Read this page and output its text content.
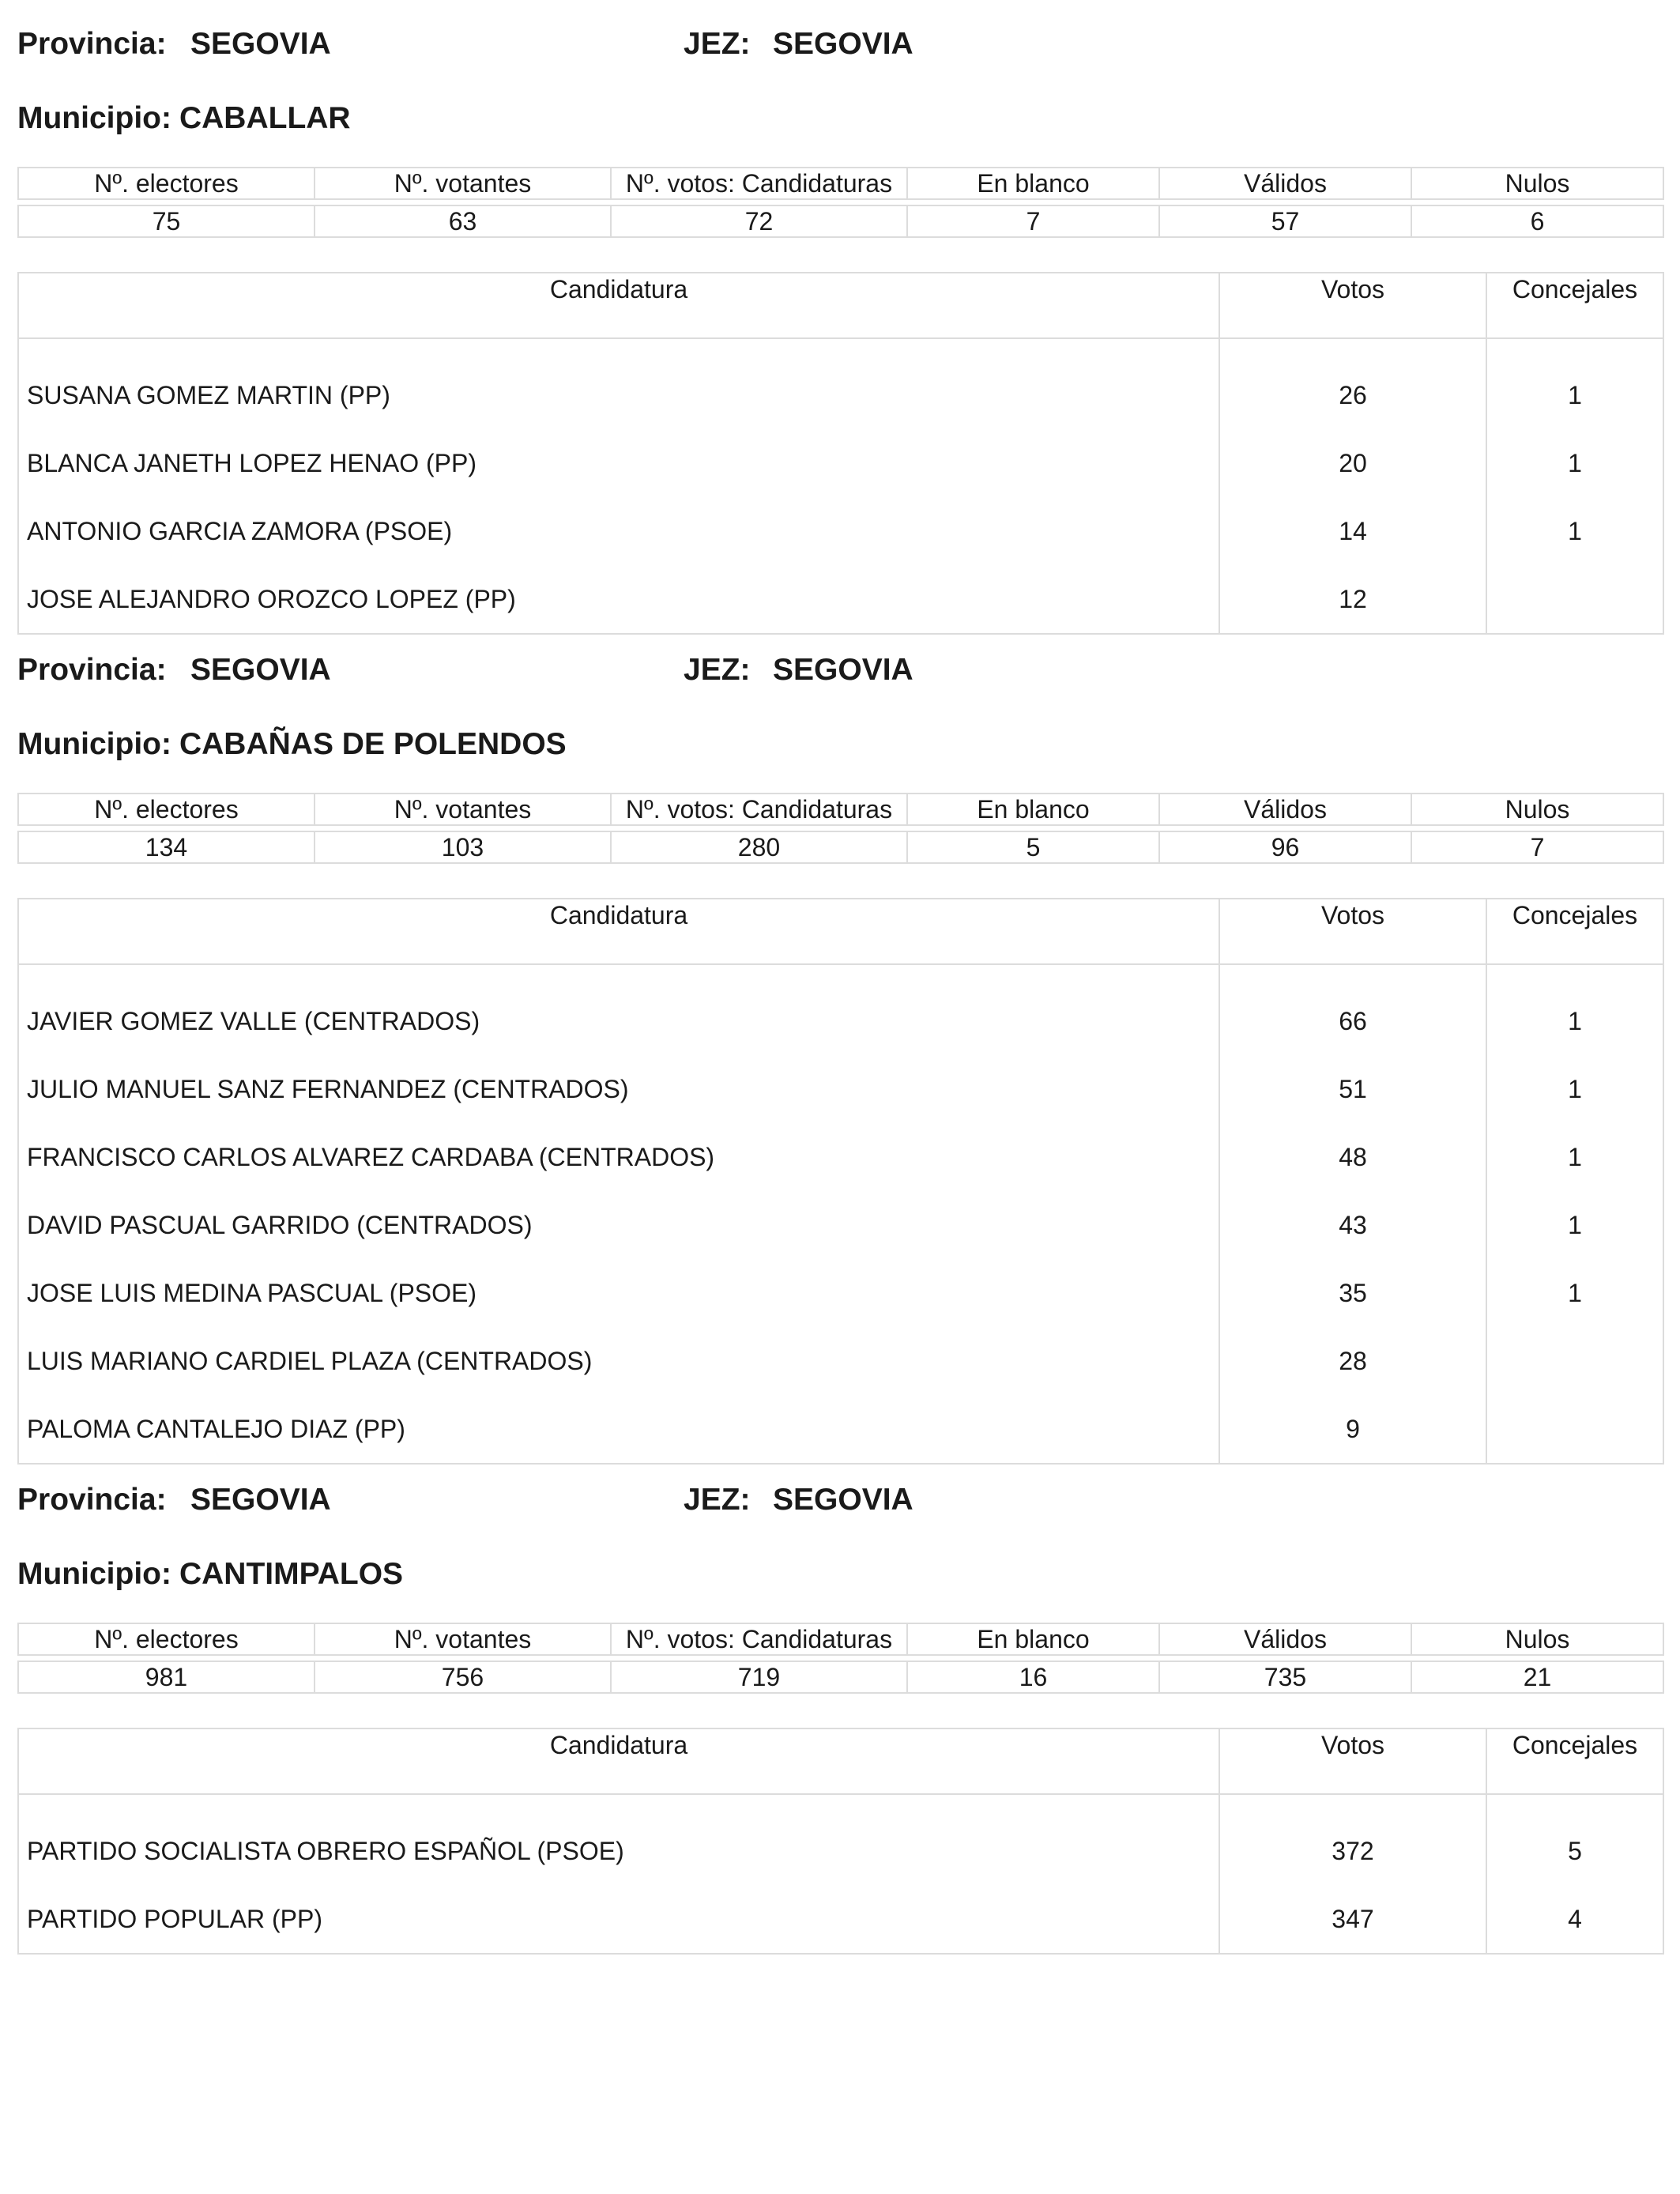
Provincia: SEGOVIA	JEZ: SEGOVIA
Municipio: CABALLAR
Nº. electores	Nº. votantes	Nº. votos: Candidaturas	En blanco	Válidos	Nulos

75	63	72	7	57	6
Candidatura	Votos	Concejales
SUSANA GOMEZ MARTIN (PP)	26	1
BLANCA JANETH LOPEZ HENAO (PP)	20	1
ANTONIO GARCIA ZAMORA (PSOE)	14	1
JOSE ALEJANDRO OROZCO LOPEZ (PP)	12	
Provincia: SEGOVIA	JEZ: SEGOVIA
Municipio: CABAÑAS DE POLENDOS
Nº. electores	Nº. votantes	Nº. votos: Candidaturas	En blanco	Válidos	Nulos

134	103	280	5	96	7
Candidatura	Votos	Concejales
JAVIER GOMEZ VALLE (CENTRADOS)	66	1
JULIO MANUEL SANZ FERNANDEZ (CENTRADOS)	51	1
FRANCISCO CARLOS ALVAREZ CARDABA (CENTRADOS)	48	1
DAVID PASCUAL GARRIDO (CENTRADOS)	43	1
JOSE LUIS MEDINA PASCUAL (PSOE)	35	1
LUIS MARIANO CARDIEL PLAZA (CENTRADOS)	28	
PALOMA CANTALEJO DIAZ (PP)	9	
Provincia: SEGOVIA	JEZ: SEGOVIA
Municipio: CANTIMPALOS
Nº. electores	Nº. votantes	Nº. votos: Candidaturas	En blanco	Válidos	Nulos

981	756	719	16	735	21
Candidatura	Votos	Concejales
PARTIDO SOCIALISTA OBRERO ESPAÑOL (PSOE)	372	5
PARTIDO POPULAR (PP)	347	4
